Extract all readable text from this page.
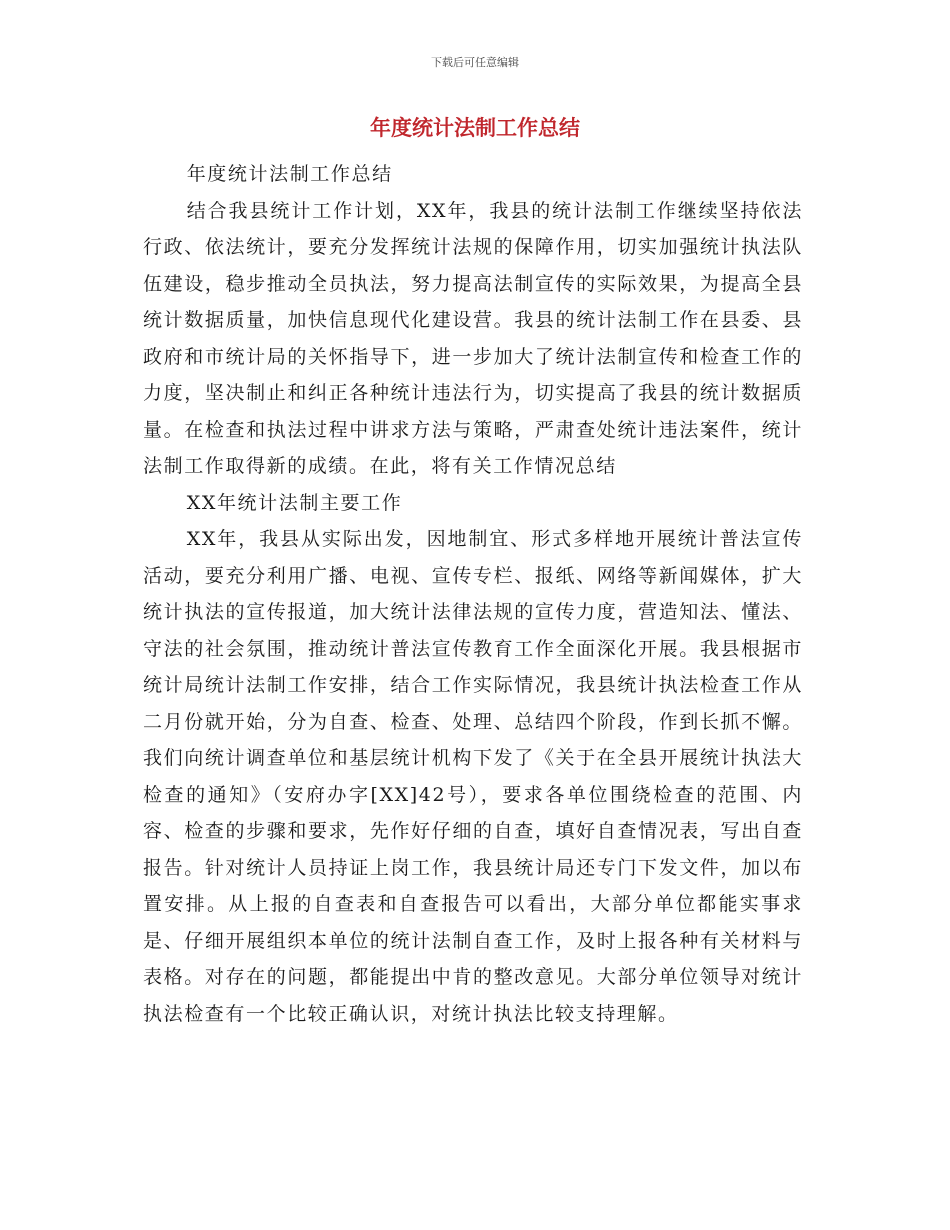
下载后可任意编辑
年度统计法制工作总结

年度统计法制工作总结

结合我县统计工作计划，XX年，我县的统计法制工作继续坚持依法行政、依法统计，要充分发挥统计法规的保障作用，切实加强统计执法队伍建设，稳步推动全员执法，努力提高法制宣传的实际效果，为提高全县统计数据质量，加快信息现代化建设营。我县的统计法制工作在县委、县政府和市统计局的关怀指导下，进一步加大了统计法制宣传和检查工作的力度，坚决制止和纠正各种统计违法行为，切实提高了我县的统计数据质量。在检查和执法过程中讲求方法与策略，严肃查处统计违法案件，统计法制工作取得新的成绩。在此，将有关工作情况总结

XX年统计法制主要工作

XX年，我县从实际出发，因地制宜、形式多样地开展统计普法宣传活动，要充分利用广播、电视、宣传专栏、报纸、网络等新闻媒体，扩大统计执法的宣传报道，加大统计法律法规的宣传力度，营造知法、懂法、守法的社会氛围，推动统计普法宣传教育工作全面深化开展。我县根据市统计局统计法制工作安排，结合工作实际情况，我县统计执法检查工作从二月份就开始，分为自查、检查、处理、总结四个阶段，作到长抓不懈。我们向统计调查单位和基层统计机构下发了《关于在全县开展统计执法大检查的通知》（安府办字[XX]42号），要求各单位围绕检查的范围、内容、检查的步骤和要求，先作好仔细的自查，填好自查情况表，写出自查报告。针对统计人员持证上岗工作，我县统计局还专门下发文件，加以布置安排。从上报的自查表和自查报告可以看出，大部分单位都能实事求是、仔细开展组织本单位的统计法制自查工作，及时上报各种有关材料与表格。对存在的问题，都能提出中肯的整改意见。大部分单位领导对统计执法检查有一个比较正确认识，对统计执法比较支持理解。
